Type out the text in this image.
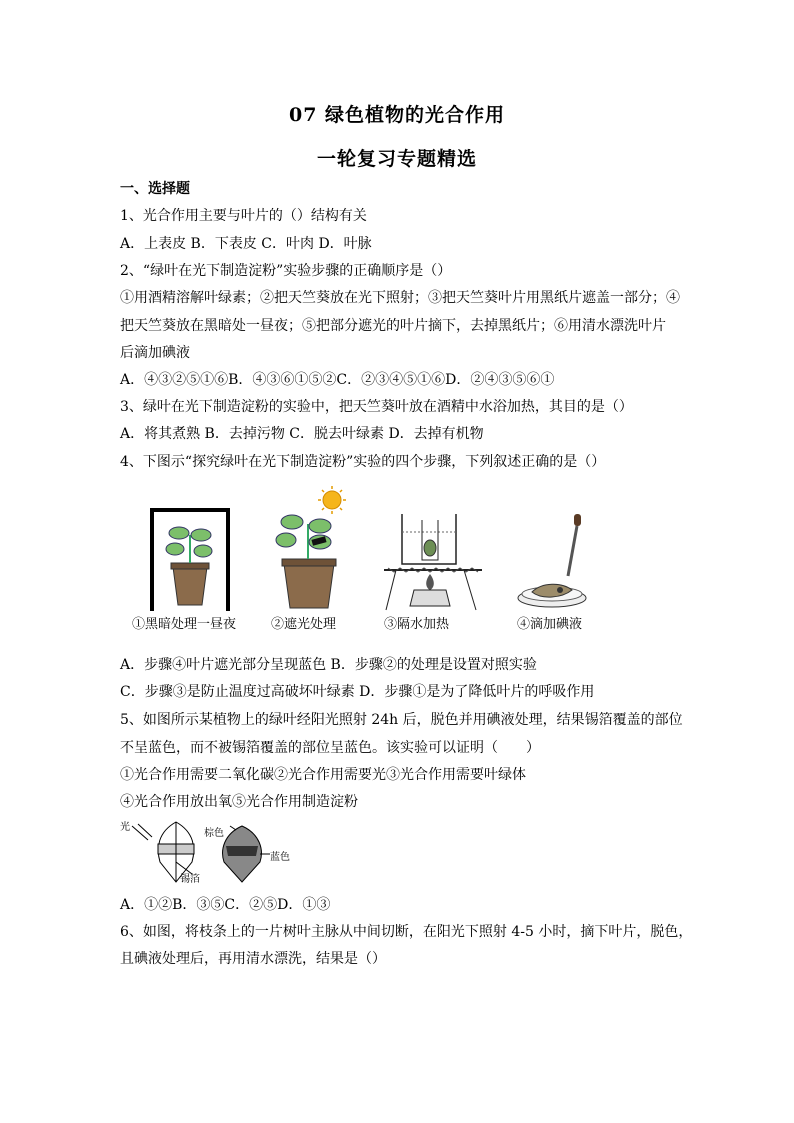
07 绿色植物的光合作用
一轮复习专题精选
一、选择题
1、光合作用主要与叶片的（）结构有关
A．上表皮 B．下表皮 C．叶肉 D．叶脉
2、“绿叶在光下制造淀粉”实验步骤的正确顺序是（）
①用酒精溶解叶绿素；②把天竺葵放在光下照射；③把天竺葵叶片用黑纸片遮盖一部分；④
把天竺葵放在黑暗处一昼夜；⑤把部分遮光的叶片摘下，去掉黑纸片；⑥用清水漂洗叶片
后滴加碘液
A．④③②⑤①⑥B．④③⑥①⑤②C．②③④⑤①⑥D．②④③⑤⑥①
3、绿叶在光下制造淀粉的实验中，把天竺葵叶放在酒精中水浴加热，其目的是（）
A．将其煮熟 B．去掉污物 C．脱去叶绿素 D．去掉有机物
4、下图示“探究绿叶在光下制造淀粉”实验的四个步骤，下列叙述正确的是（）
①黑暗处理一昼夜	②遮光处理	③隔水加热	④滴加碘液
A．步骤④叶片遮光部分呈现蓝色 B．步骤②的处理是设置对照实验
C．步骤③是防止温度过高破坏叶绿素 D．步骤①是为了降低叶片的呼吸作用
5、如图所示某植物上的绿叶经阳光照射 24h 后，脱色并用碘液处理，结果锡箔覆盖的部位
不呈蓝色，而不被锡箔覆盖的部位呈蓝色。该实验可以证明（　　）
①光合作用需要二氧化碳②光合作用需要光③光合作用需要叶绿体
④光合作用放出氧⑤光合作用制造淀粉
光
锡箔
棕色
蓝色
A．①②B．③⑤C．②⑤D．①③
6、如图，将枝条上的一片树叶主脉从中间切断，在阳光下照射 4-5 小时，摘下叶片，脱色，
且碘液处理后，再用清水漂洗，结果是（）
